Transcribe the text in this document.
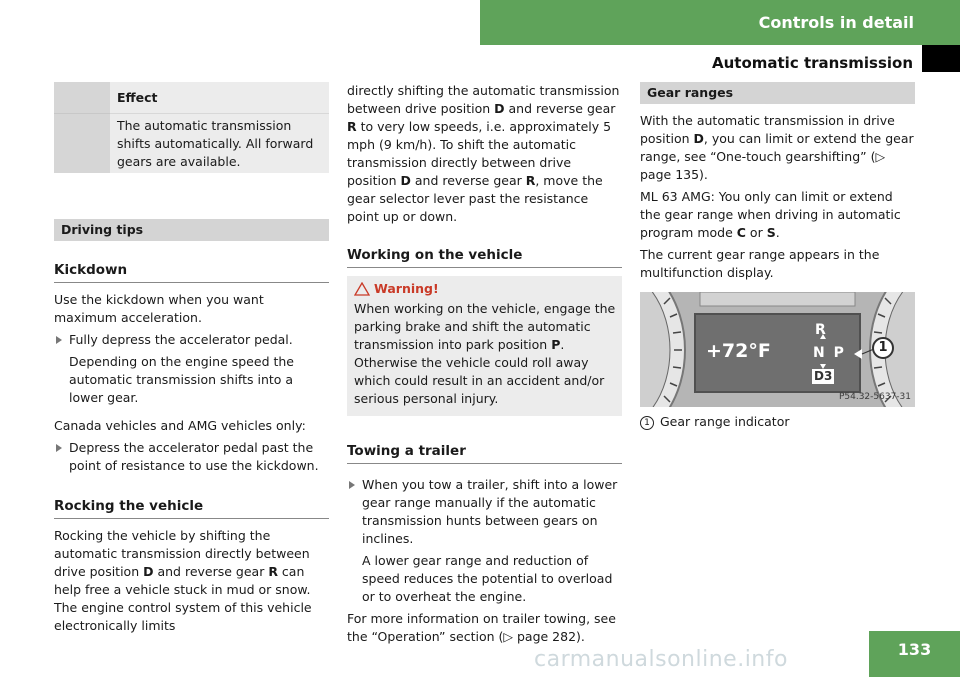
Controls in detail
Automatic transmission
Effect
The automatic transmission shifts automatically. All forward gears are available.
Driving tips
Kickdown

Use the kickdown when you want maximum acceleration.

Fully depress the accelerator pedal.

Depending on the engine speed the automatic transmission shifts into a lower gear.

Canada vehicles and AMG vehicles only:

Depress the accelerator pedal past the point of resistance to use the kickdown.

Rocking the vehicle

Rocking the vehicle by shifting the automatic transmission directly between drive position D and reverse gear R can help free a vehicle stuck in mud or snow. The engine control system of this vehicle electronically limits

directly shifting the automatic transmission between drive position D and reverse gear R to very low speeds, i.e. approximately 5 mph (9 km/h). To shift the automatic transmission directly between drive position D and reverse gear R, move the gear selector lever past the resistance point up or down.

Working on the vehicle
Warning!

When working on the vehicle, engage the parking brake and shift the automatic transmission into park position P.
Otherwise the vehicle could roll away which could result in an accident and/or serious personal injury.

Towing a trailer

When you tow a trailer, shift into a lower gear range manually if the automatic transmission hunts between gears on inclines.

A lower gear range and reduction of speed reduces the potential to overload or to overheat the engine.

For more information on trailer towing, see the “Operation” section (▷ page 282).

Gear ranges

With the automatic transmission in drive position D, you can limit or extend the gear range, see “One-touch gearshifting” (▷ page 135).

ML 63 AMG: You only can limit or extend the gear range when driving in automatic program mode C or S.

The current gear range appears in the multifunction display.

+72°F
R
N P
D3
1
P54.32-5637-31

1 Gear range indicator

133
carmanualsonline.info
